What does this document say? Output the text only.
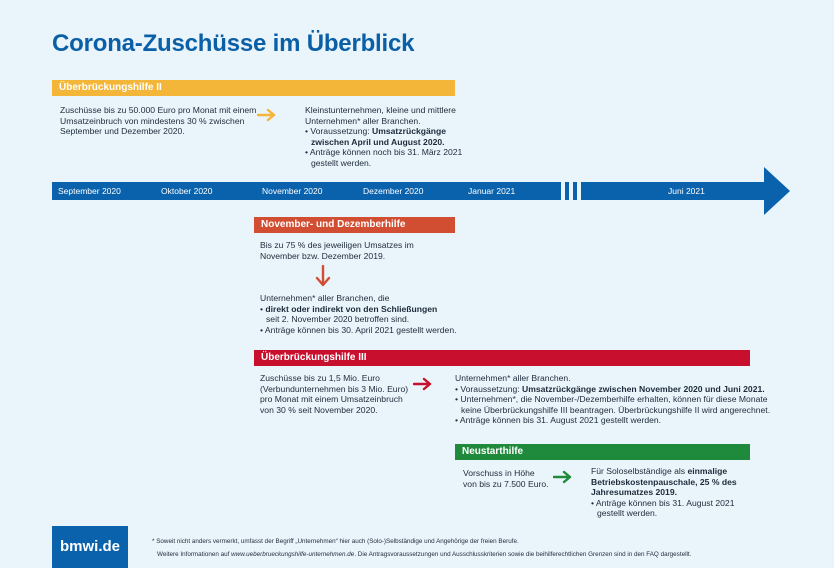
Corona-Zuschüsse im Überblick
Überbrückungshilfe II
Zuschüsse bis zu 50.000 Euro pro Monat mit einem
Umsatzeinbruch von mindestens 30 % zwischen
September und Dezember 2020.
Kleinstunternehmen, kleine und mittlere
Unternehmen* aller Branchen.
• Voraussetzung: Umsatzrückgänge
zwischen April und August 2020.
• Anträge können noch bis 31. März 2021
gestellt werden.
September 2020	Oktober 2020	November 2020	Dezember 2020	Januar 2021	Juni 2021
November- und Dezemberhilfe
Bis zu 75 % des jeweiligen Umsatzes im
November bzw. Dezember 2019.
Unternehmen* aller Branchen, die
• direkt oder indirekt von den Schließungen
seit 2. November 2020 betroffen sind.
• Anträge können bis 30. April 2021 gestellt werden.
Überbrückungshilfe III
Zuschüsse bis zu 1,5 Mio. Euro
(Verbundunternehmen bis 3 Mio. Euro)
pro Monat mit einem Umsatzeinbruch
von 30 % seit November 2020.
Unternehmen* aller Branchen.
• Voraussetzung: Umsatzrückgänge zwischen November 2020 und Juni 2021.
• Unternehmen*, die November-/Dezemberhilfe erhalten, können für diese Monate
keine Überbrückungshilfe III beantragen. Überbrückungshilfe II wird angerechnet.
• Anträge können bis 31. August 2021 gestellt werden.
Neustarthilfe
Vorschuss in Höhe
von bis zu 7.500 Euro.
Für Soloselbständige als einmalige
Betriebskostenpauschale, 25 % des
Jahresumatzes 2019.
• Anträge können bis 31. August 2021
gestellt werden.
bmwi.de	* Soweit nicht anders vermerkt, umfasst der Begriff „Unternehmen“ hier auch (Solo-)Selbständige und Angehörige der freien Berufe.
Weitere Informationen auf www.ueberbrueckungshilfe-unternehmen.de. Die Antragsvoraussetzungen und Ausschlusskriterien sowie die beihilferechtlichen Grenzen sind in den FAQ dargestellt.
